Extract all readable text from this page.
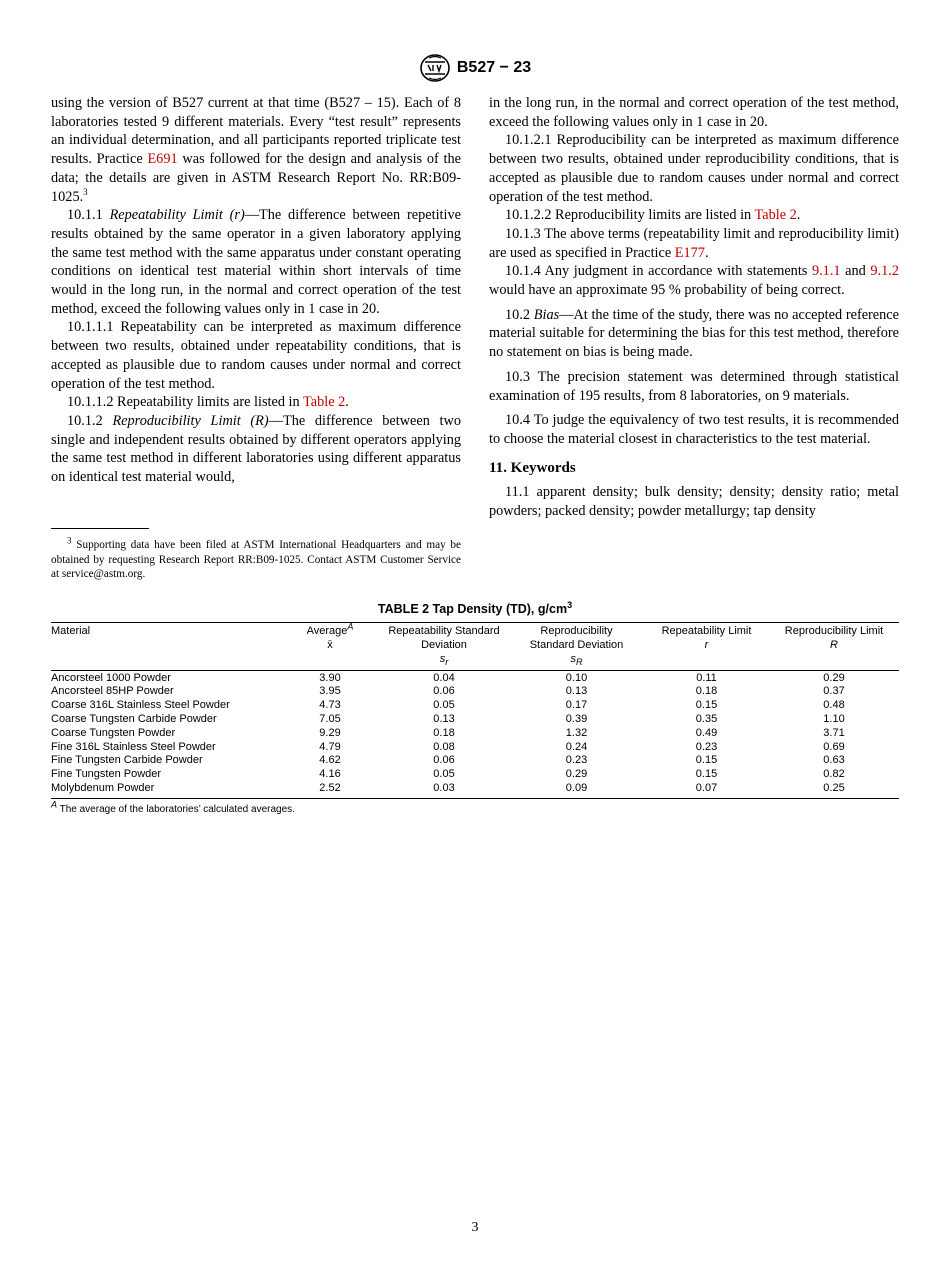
B527 − 23

using the version of B527 current at that time (B527 – 15). Each of 8 laboratories tested 9 different materials. Every “test result” represents an individual determination, and all participants reported triplicate test results. Practice E691 was followed for the design and analysis of the data; the details are given in ASTM Research Report No. RR:B09-1025.$^3$

10.1.1 Repeatability Limit (r)—The difference between repetitive results obtained by the same operator in a given laboratory applying the same test method with the same apparatus under constant operating conditions on identical test material within short intervals of time would in the long run, in the normal and correct operation of the test method, exceed the following values only in 1 case in 20.

10.1.1.1 Repeatability can be interpreted as maximum difference between two results, obtained under repeatability conditions, that is accepted as plausible due to random causes under normal and correct operation of the test method.

10.1.1.2 Repeatability limits are listed in Table 2.

10.1.2 Reproducibility Limit (R)—The difference between two single and independent results obtained by different operators applying the same test method in different laboratories using different apparatus on identical test material would,

$^3$ Supporting data have been filed at ASTM International Headquarters and may be obtained by requesting Research Report RR:B09-1025. Contact ASTM Customer Service at service@astm.org.

in the long run, in the normal and correct operation of the test method, exceed the following values only in 1 case in 20.

10.1.2.1 Reproducibility can be interpreted as maximum difference between two results, obtained under reproducibility conditions, that is accepted as plausible due to random causes under normal and correct operation of the test method.

10.1.2.2 Reproducibility limits are listed in Table 2.

10.1.3 The above terms (repeatability limit and reproducibility limit) are used as specified in Practice E177.

10.1.4 Any judgment in accordance with statements 9.1.1 and 9.1.2 would have an approximate 95 % probability of being correct.

10.2 Bias—At the time of the study, there was no accepted reference material suitable for determining the bias for this test method, therefore no statement on bias is being made.

10.3 The precision statement was determined through statistical examination of 195 results, from 8 laboratories, on 9 materials.

10.4 To judge the equivalency of two test results, it is recommended to choose the material closest in characteristics to the test material.

11. Keywords

11.1 apparent density; bulk density; density; density ratio; metal powders; packed density; powder metallurgy; tap density

TABLE 2 Tap Density (TD), $g/cm^3$
Material	Average$^A$	Repeatability Standard	Reproducibility	Repeatability Limit	Reproducibility Limit
	x̄	Deviation	Standard Deviation	r	R
		$s_r$	$s_R$		
Ancorsteel 1000 Powder	3.90	0.04	0.10	0.11	0.29
Ancorsteel 85HP Powder	3.95	0.06	0.13	0.18	0.37
Coarse 316L Stainless Steel Powder	4.73	0.05	0.17	0.15	0.48
Coarse Tungsten Carbide Powder	7.05	0.13	0.39	0.35	1.10
Coarse Tungsten Powder	9.29	0.18	1.32	0.49	3.71
Fine 316L Stainless Steel Powder	4.79	0.08	0.24	0.23	0.69
Fine Tungsten Carbide Powder	4.62	0.06	0.23	0.15	0.63
Fine Tungsten Powder	4.16	0.05	0.29	0.15	0.82
Molybdenum Powder	2.52	0.03	0.09	0.07	0.25
$^A$ The average of the laboratories’ calculated averages.
3
